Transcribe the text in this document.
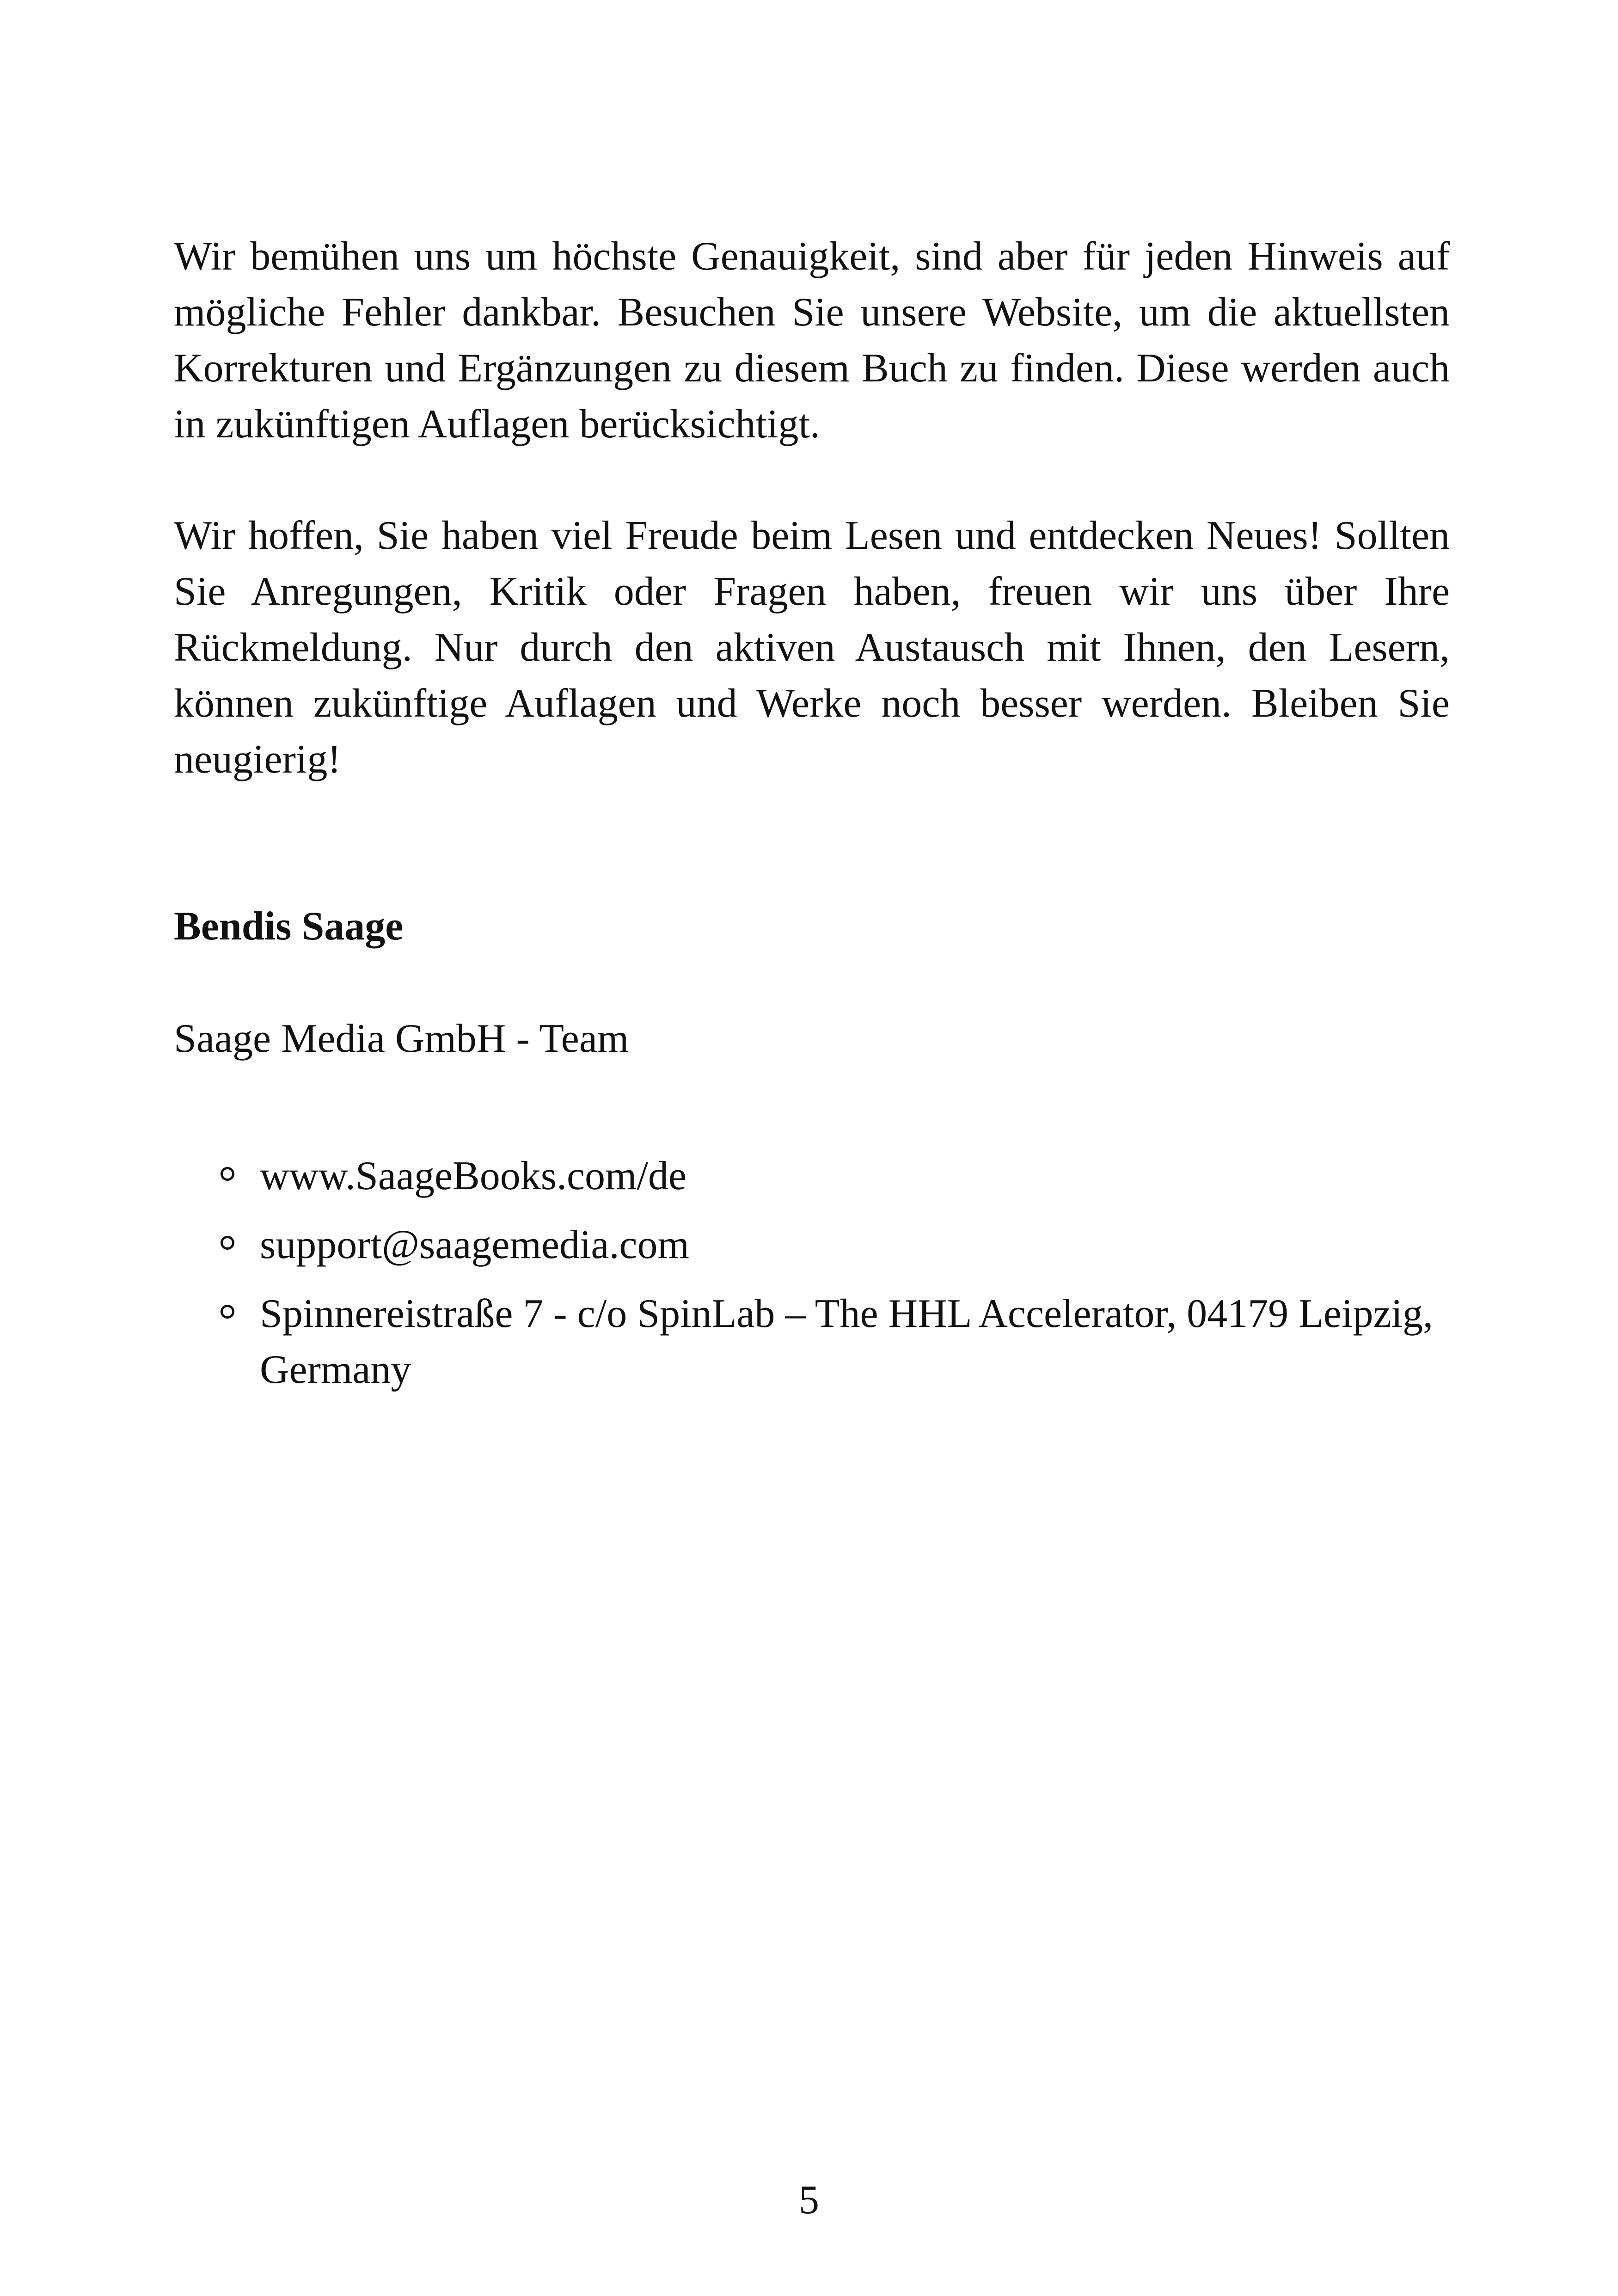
Wir bemühen uns um höchste Genauigkeit, sind aber für jeden Hinweis auf mögliche Fehler dankbar. Besuchen Sie unsere Website, um die aktuellsten Korrekturen und Ergänzungen zu diesem Buch zu finden. Diese werden auch in zukünftigen Auflagen berücksichtigt.

Wir hoffen, Sie haben viel Freude beim Lesen und entdecken Neues! Sollten Sie Anregungen, Kritik oder Fragen haben, freuen wir uns über Ihre Rückmeldung. Nur durch den aktiven Austausch mit Ihnen, den Lesern, können zukünftige Auflagen und Werke noch besser werden. Bleiben Sie neugierig!

Bendis Saage

Saage Media GmbH - Team

www.SaageBooks.com/de
support@saagemedia.com
Spinnereistraße 7 - c/o SpinLab – The HHL Accelerator, 04179 Leipzig, Germany

5
